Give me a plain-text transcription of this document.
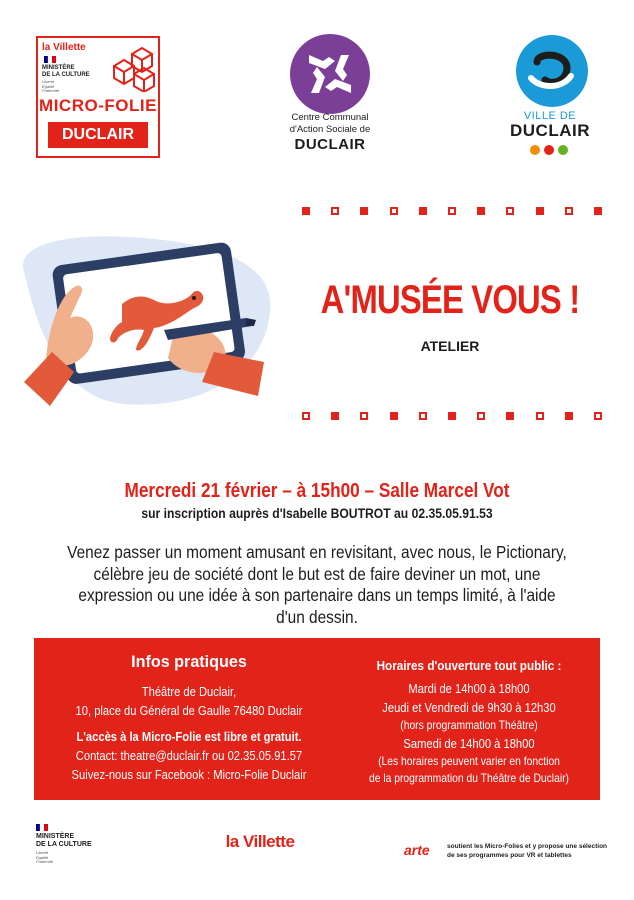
la Villette
MINISTÈRE
DE LA CULTURE
Liberté
Égalité
Fraternité
MICRO-FOLIE
DUCLAIR
Centre Communal
d'Action Sociale de
DUCLAIR
VILLE DE
DUCLAIR
A'MUSÉE VOUS !
ATELIER
Mercredi 21 février – à 15h00 – Salle Marcel Vot
sur inscription auprès d'Isabelle BOUTROT au 02.35.05.91.53
Venez passer un moment amusant en revisitant, avec nous, le Pictionary, célèbre jeu de société dont le but est de faire deviner un mot, une expression ou une idée à son partenaire dans un temps limité, à l'aide d'un dessin.
Infos pratiques
Théâtre de Duclair,
10, place du Général de Gaulle 76480 Duclair
L'accès à la Micro-Folie est libre et gratuit.
Contact: theatre@duclair.fr ou 02.35.05.91.57
Suivez-nous sur Facebook : Micro-Folie Duclair
Horaires d'ouverture tout public :
Mardi de 14h00 à 18h00
Jeudi et Vendredi de 9h30 à 12h30
(hors programmation Théâtre)
Samedi de 14h00 à 18h00
(Les horaires peuvent varier en fonction
de la programmation du Théâtre de Duclair)
MINISTÈRE
DE LA CULTURE
Liberté
Égalité
Fraternité
la Villette	arte	soutient les Micro-Folies et y propose une sélection
de ses programmes pour VR et tablettes
